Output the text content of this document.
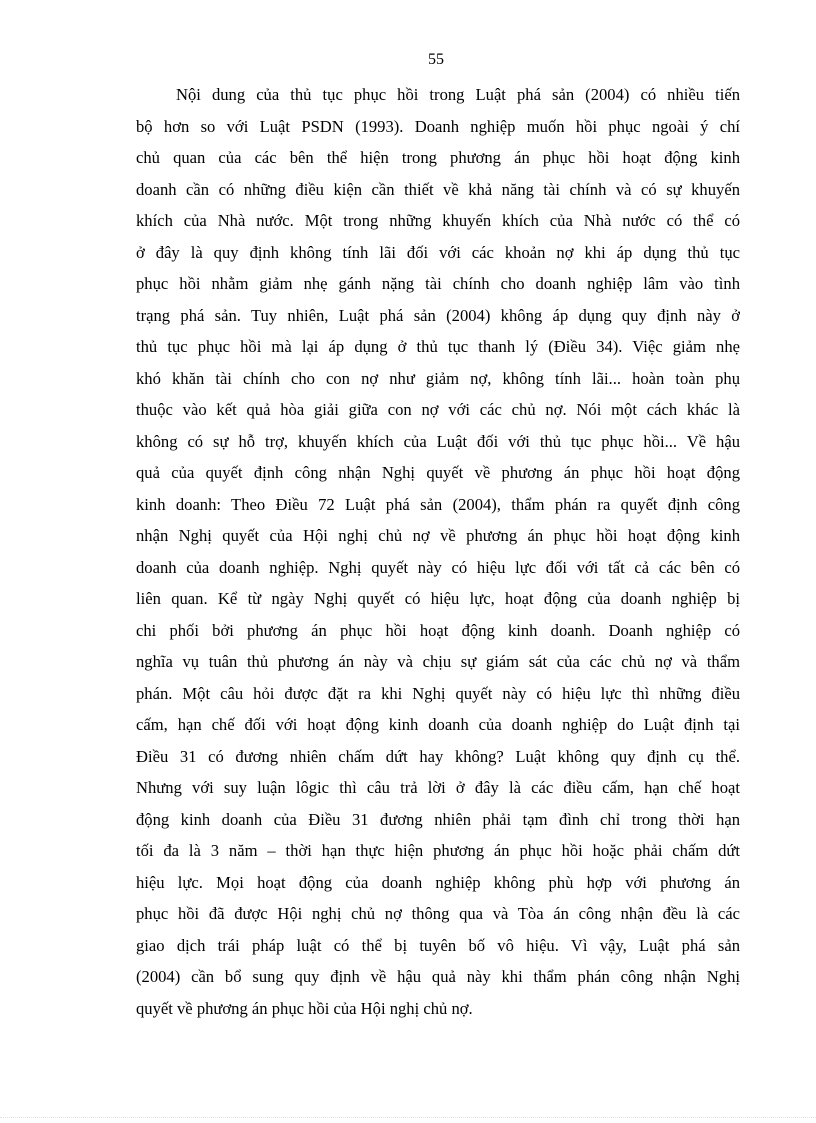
55
Nội dung của thủ tục phục hồi trong Luật phá sản (2004) có nhiều tiến
bộ hơn so với Luật PSDN (1993). Doanh nghiệp muốn hồi phục ngoài ý chí
chủ quan của các bên thể hiện trong phương án phục hồi hoạt động kinh
doanh cần có những điều kiện cần thiết về khả năng tài chính và có sự khuyến
khích của Nhà nước. Một trong những khuyến khích của Nhà nước có thể có
ở đây là quy định không tính lãi đối với các khoản nợ khi áp dụng thủ tục
phục hồi nhằm giảm nhẹ gánh nặng tài chính cho doanh nghiệp lâm vào tình
trạng phá sản. Tuy nhiên, Luật phá sản (2004) không áp dụng quy định này ở
thủ tục phục hồi mà lại áp dụng ở thủ tục thanh lý (Điều 34). Việc giảm nhẹ
khó khăn tài chính cho con nợ như giảm nợ, không tính lãi... hoàn toàn phụ
thuộc vào kết quả hòa giải giữa con nợ với các chủ nợ. Nói một cách khác là
không có sự hỗ trợ, khuyến khích của Luật đối với thủ tục phục hồi... Về hậu
quả của quyết định công nhận Nghị quyết về phương án phục hồi hoạt động
kinh doanh: Theo Điều 72 Luật phá sản (2004), thẩm phán ra quyết định công
nhận Nghị quyết của Hội nghị chủ nợ về phương án phục hồi hoạt động kinh
doanh của doanh nghiệp. Nghị quyết này có hiệu lực đối với tất cả các bên có
liên quan. Kể từ ngày Nghị quyết có hiệu lực, hoạt động của doanh nghiệp bị
chi phối bởi phương án phục hồi hoạt động kinh doanh. Doanh nghiệp có
nghĩa vụ tuân thủ phương án này và chịu sự giám sát của các chủ nợ và thẩm
phán. Một câu hỏi được đặt ra khi Nghị quyết này có hiệu lực thì những điều
cấm, hạn chế đối với hoạt động kinh doanh của doanh nghiệp do Luật định tại
Điều 31 có đương nhiên chấm dứt hay không? Luật không quy định cụ thể.
Nhưng với suy luận lôgic thì câu trả lời ở đây là các điều cấm, hạn chế hoạt
động kinh doanh của Điều 31 đương nhiên phải tạm đình chỉ trong thời hạn
tối đa là 3 năm – thời hạn thực hiện phương án phục hồi hoặc phải chấm dứt
hiệu lực. Mọi hoạt động của doanh nghiệp không phù hợp với phương án
phục hồi đã được Hội nghị chủ nợ thông qua và Tòa án công nhận đều là các
giao dịch trái pháp luật có thể bị tuyên bố vô hiệu. Vì vậy, Luật phá sản
(2004) cần bổ sung quy định về hậu quả này khi thẩm phán công nhận Nghị
quyết về phương án phục hồi của Hội nghị chủ nợ.
